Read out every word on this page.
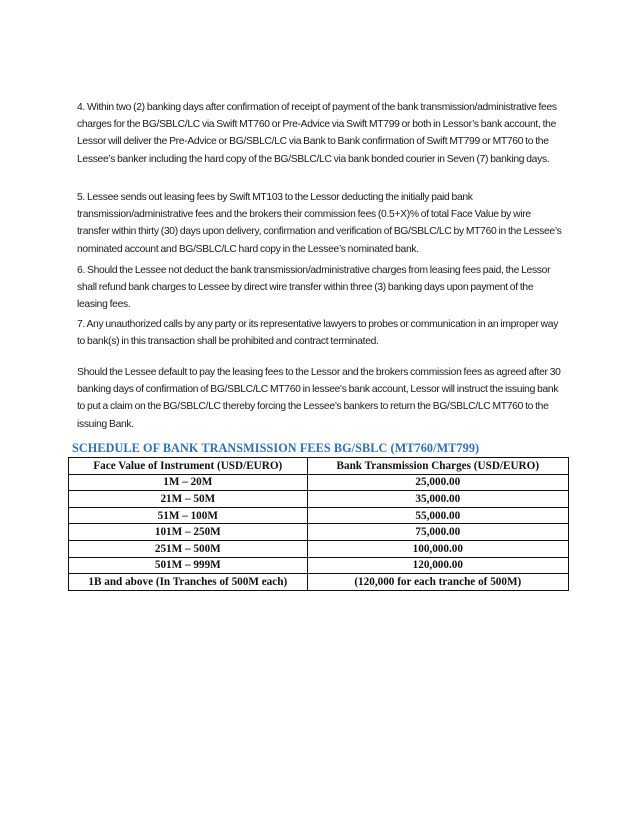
4. Within two (2) banking days after confirmation of receipt of payment of the bank transmission/administrative fees charges for the BG/SBLC/LC via Swift MT760 or Pre-Advice via Swift MT799 or both in Lessor’s bank account, the Lessor will deliver the Pre-Advice or BG/SBLC/LC via Bank to Bank confirmation of Swift MT799 or MT760 to the Lessee’s banker including the hard copy of the BG/SBLC/LC via bank bonded courier in Seven (7) banking days.

5. Lessee sends out leasing fees by Swift MT103 to the Lessor deducting the initially paid bank transmission/administrative fees and the brokers their commission fees (0.5+X)% of total Face Value by wire transfer within thirty (30) days upon delivery, confirmation and verification of BG/SBLC/LC by MT760 in the Lessee’s nominated account and BG/SBLC/LC hard copy in the Lessee’s nominated bank.

6. Should the Lessee not deduct the bank transmission/administrative charges from leasing fees paid, the Lessor shall refund bank charges to Lessee by direct wire transfer within three (3) banking days upon payment of the leasing fees.

7. Any unauthorized calls by any party or its representative lawyers to probes or communication in an improper way to bank(s) in this transaction shall be prohibited and contract terminated.

Should the Lessee default to pay the leasing fees to the Lessor and the brokers commission fees as agreed after 30 banking days of confirmation of BG/SBLC/LC MT760 in lessee's bank account, Lessor will instruct the issuing bank to put a claim on the BG/SBLC/LC thereby forcing the Lessee’s bankers to return the BG/SBLC/LC MT760 to the issuing Bank.

SCHEDULE OF BANK TRANSMISSION FEES BG/SBLC (MT760/MT799)
Face Value of Instrument (USD/EURO)	Bank Transmission Charges (USD/EURO)
1M – 20M	25,000.00
21M – 50M	35,000.00
51M – 100M	55,000.00
101M – 250M	75,000.00
251M – 500M	100,000.00
501M – 999M	120,000.00
1B and above (In Tranches of 500M each)	(120,000 for each tranche of 500M)
